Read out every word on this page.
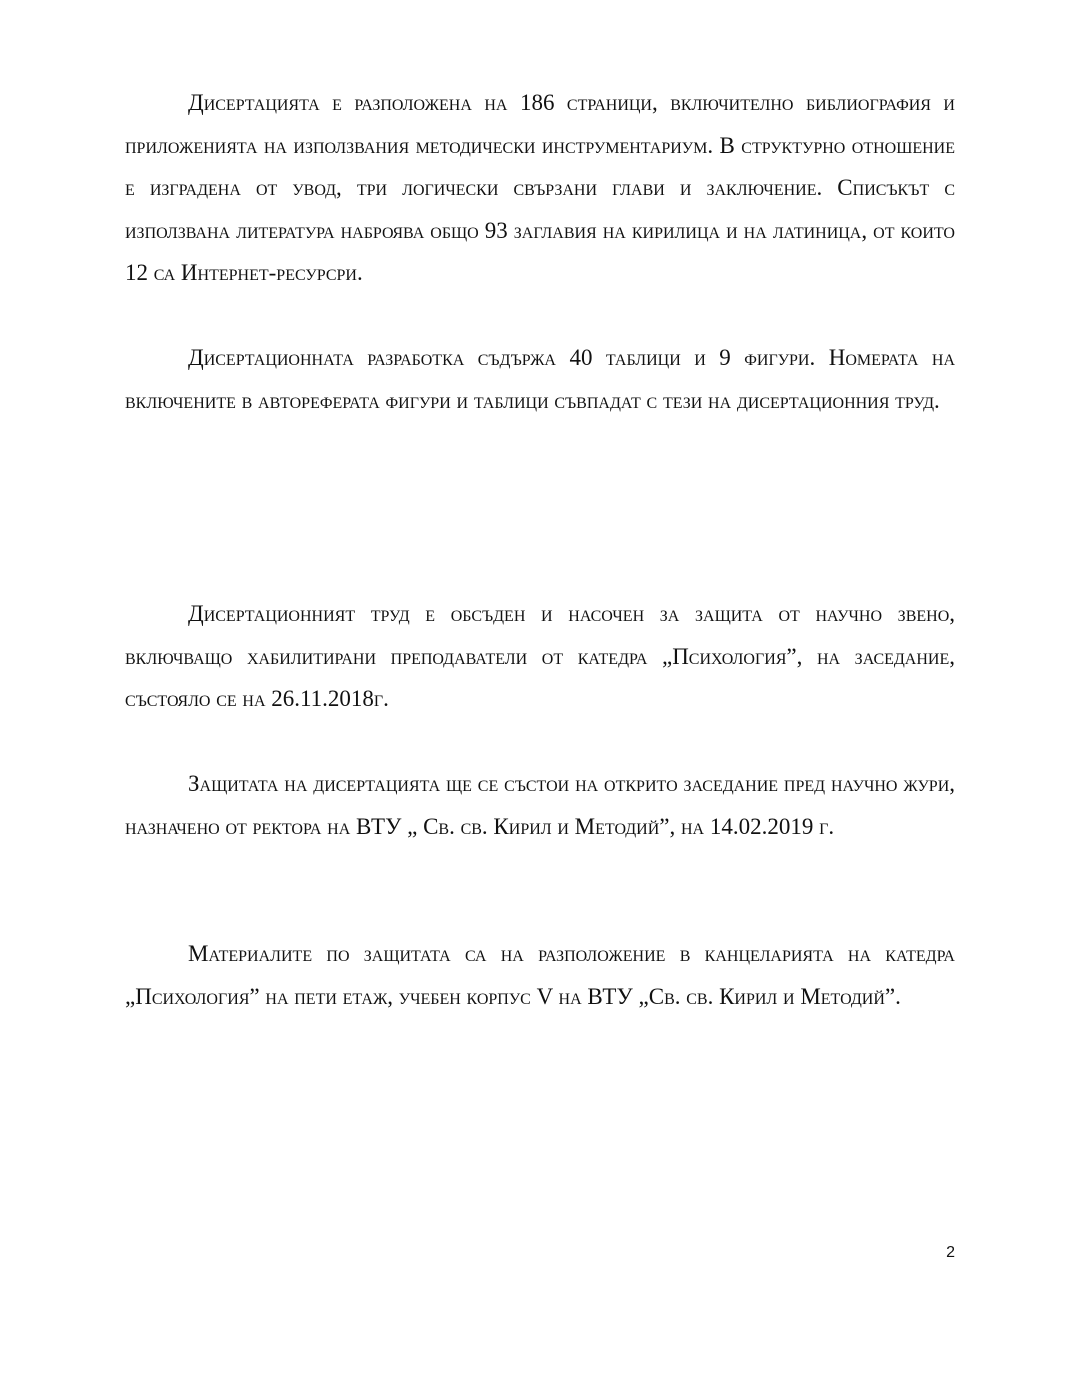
Дисертацията е разположена на 186 страници, включително библиография и приложенията на използвания методически инструментариум. В структурно отношение е изградена от увод, три логически свързани глави и заключение. Списъкът с използвана литература наброява общо 93 заглавия на кирилица и на латиница, от които 12 са Интернет-ресурсри.

Дисертационната разработка съдържа 40 таблици и 9 фигури. Номерата на включените в автореферата фигури и таблици съвпадат с тези на дисертационния труд.

Дисертационният труд е обсъден и насочен за защита от научно звено, включващо хабилитирани преподаватели от катедра „Психология”, на заседание, състояло се на 26.11.2018г.

Защитата на дисертацията ще се състои на открито заседание пред научно жури, назначено от ректора на ВТУ „ Св. св. Кирил и Методий”, на 14.02.2019 г.

Материалите по защитата са на разположение в канцеларията на катедра „Психология” на пети етаж, учебен корпус V на ВТУ „Св. св. Кирил и Методий”.

2
